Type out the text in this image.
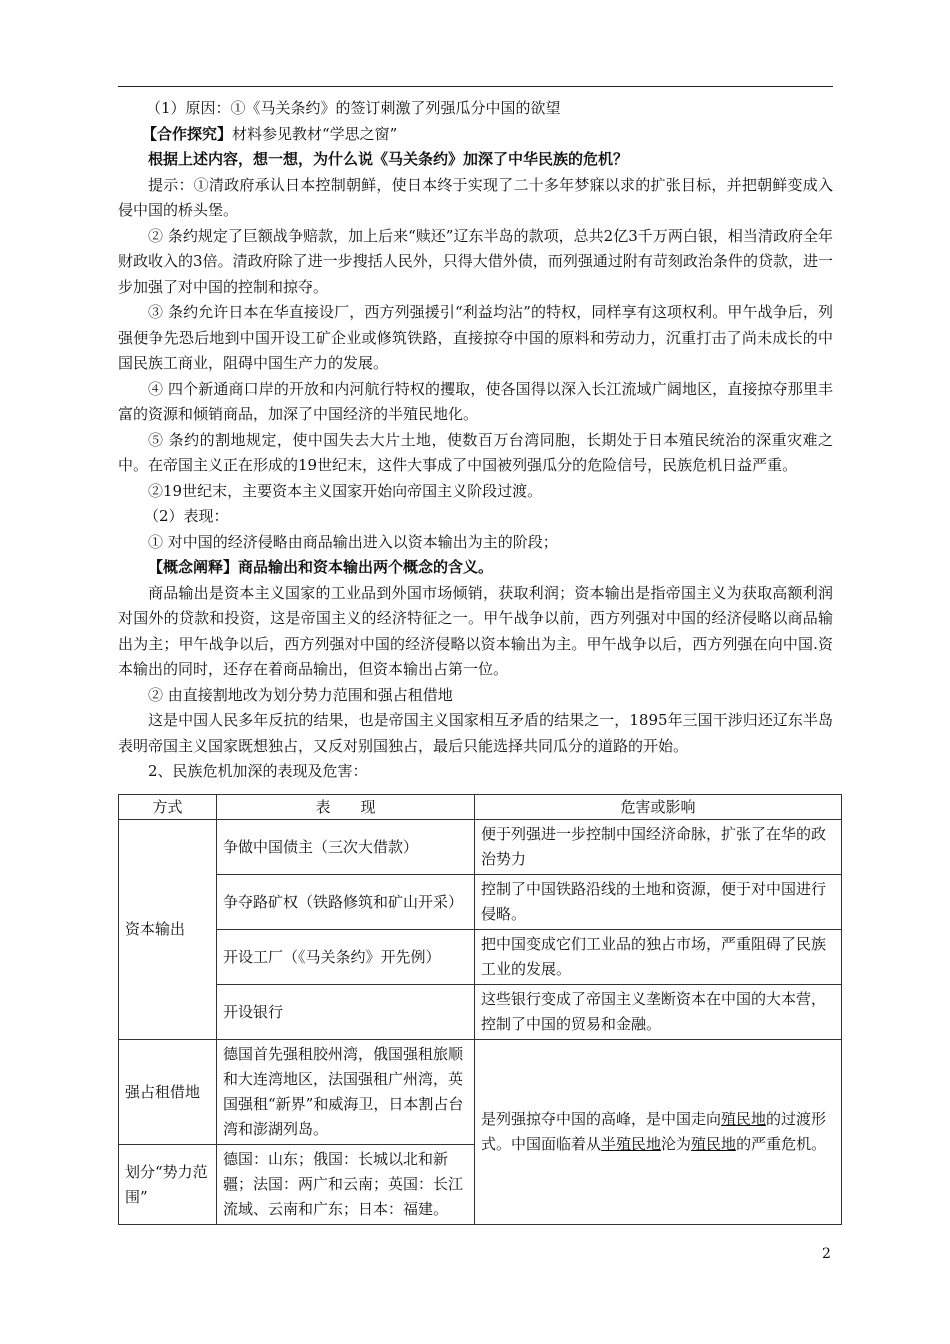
（1）原因：①《马关条约》的签订刺激了列强瓜分中国的欲望

【合作探究】材料参见教材“学思之窗”

根据上述内容，想一想，为什么说《马关条约》加深了中华民族的危机？

提示：①清政府承认日本控制朝鲜，使日本终于实现了二十多年梦寐以求的扩张目标，并把朝鲜变成入侵中国的桥头堡。

② 条约规定了巨额战争赔款，加上后来“赎还”辽东半岛的款项，总共2亿3千万两白银，相当清政府全年财政收入的3倍。清政府除了进一步搜括人民外，只得大借外债，而列强通过附有苛刻政治条件的贷款，进一步加强了对中国的控制和掠夺。

③ 条约允许日本在华直接设厂，西方列强援引“利益均沾”的特权，同样享有这项权利。甲午战争后，列强便争先恐后地到中国开设工矿企业或修筑铁路，直接掠夺中国的原料和劳动力，沉重打击了尚未成长的中国民族工商业，阻碍中国生产力的发展。

④ 四个新通商口岸的开放和内河航行特权的攫取，使各国得以深入长江流域广阔地区，直接掠夺那里丰富的资源和倾销商品，加深了中国经济的半殖民地化。

⑤ 条约的割地规定，使中国失去大片土地，使数百万台湾同胞，长期处于日本殖民统治的深重灾难之中。在帝国主义正在形成的19世纪末，这件大事成了中国被列强瓜分的危险信号，民族危机日益严重。

②19世纪末，主要资本主义国家开始向帝国主义阶段过渡。

（2）表现：

① 对中国的经济侵略由商品输出进入以资本输出为主的阶段；

【概念阐释】商品输出和资本输出两个概念的含义。

商品输出是资本主义国家的工业品到外国市场倾销，获取利润；资本输出是指帝国主义为获取高额利润对国外的贷款和投资，这是帝国主义的经济特征之一。甲午战争以前，西方列强对中国的经济侵略以商品输出为主；甲午战争以后，西方列强对中国的经济侵略以资本输出为主。甲午战争以后，西方列强在向中国.资本输出的同时，还存在着商品输出，但资本输出占第一位。

② 由直接割地改为划分势力范围和强占租借地

这是中国人民多年反抗的结果，也是帝国主义国家相互矛盾的结果之一，1895年三国干涉归还辽东半岛表明帝国主义国家既想独占，又反对别国独占，最后只能选择共同瓜分的道路的开始。

2、民族危机加深的表现及危害：

方式	表　　现	危害或影响
资本输出	争做中国债主（三次大借款）	便于列强进一步控制中国经济命脉，扩张了在华的政治势力
	争夺路矿权（铁路修筑和矿山开采）	控制了中国铁路沿线的土地和资源，便于对中国进行侵略。
	开设工厂（《马关条约》开先例）	把中国变成它们工业品的独占市场，严重阻碍了民族工业的发展。
	开设银行	这些银行变成了帝国主义垄断资本在中国的大本营，控制了中国的贸易和金融。
强占租借地	德国首先强租胶州湾，俄国强租旅顺和大连湾地区，法国强租广州湾，英国强租“新界”和威海卫，日本割占台湾和澎湖列岛。	是列强掠夺中国的高峰，是中国走向殖民地的过渡形式。中国面临着从半殖民地沦为殖民地的严重危机。
划分“势力范围”	德国：山东；俄国：长城以北和新疆；法国：两广和云南；英国：长江流域、云南和广东；日本：福建。	
2
